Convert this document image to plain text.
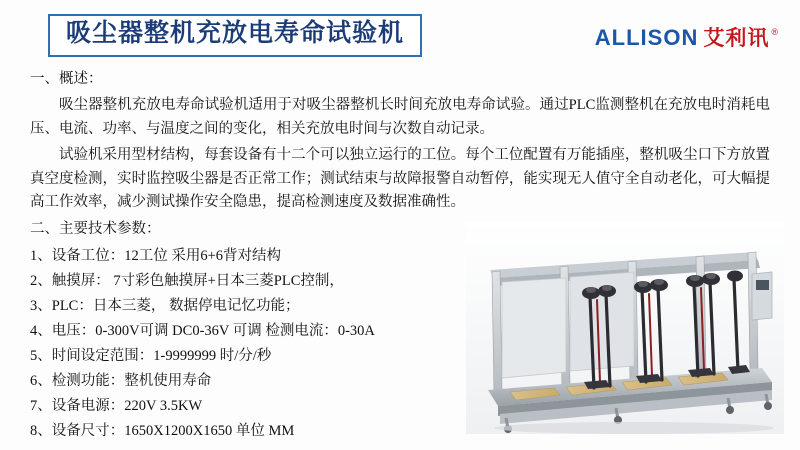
吸尘器整机充放电寿命试验机	ALLISON 艾利讯 ®

一、概述：

吸尘器整机充放电寿命试验机适用于对吸尘器整机长时间充放电寿命试验。通过PLC监测整机在充放电时消耗电压、电流、功率、与温度之间的变化，相关充放电时间与次数自动记录。

试验机采用型材结构，每套设备有十二个可以独立运行的工位。每个工位配置有万能插座，整机吸尘口下方放置真空度检测，实时监控吸尘器是否正常工作；测试结束与故障报警自动暂停，能实现无人值守全自动老化，可大幅提高工作效率，减少测试操作安全隐患，提高检测速度及数据准确性。

二、主要技术参数：

1、设备工位：12工位 采用6+6背对结构
2、触摸屏： 7寸彩色触摸屏+日本三菱PLC控制，
3、PLC：日本三菱， 数据停电记忆功能；
4、电压：0-300V可调 DC0-36V 可调 检测电流：0-30A
5、时间设定范围：1-9999999 时/分/秒
6、检测功能：整机使用寿命
7、设备电源：220V 3.5KW
8、设备尺寸：1650X1200X1650 单位 MM
